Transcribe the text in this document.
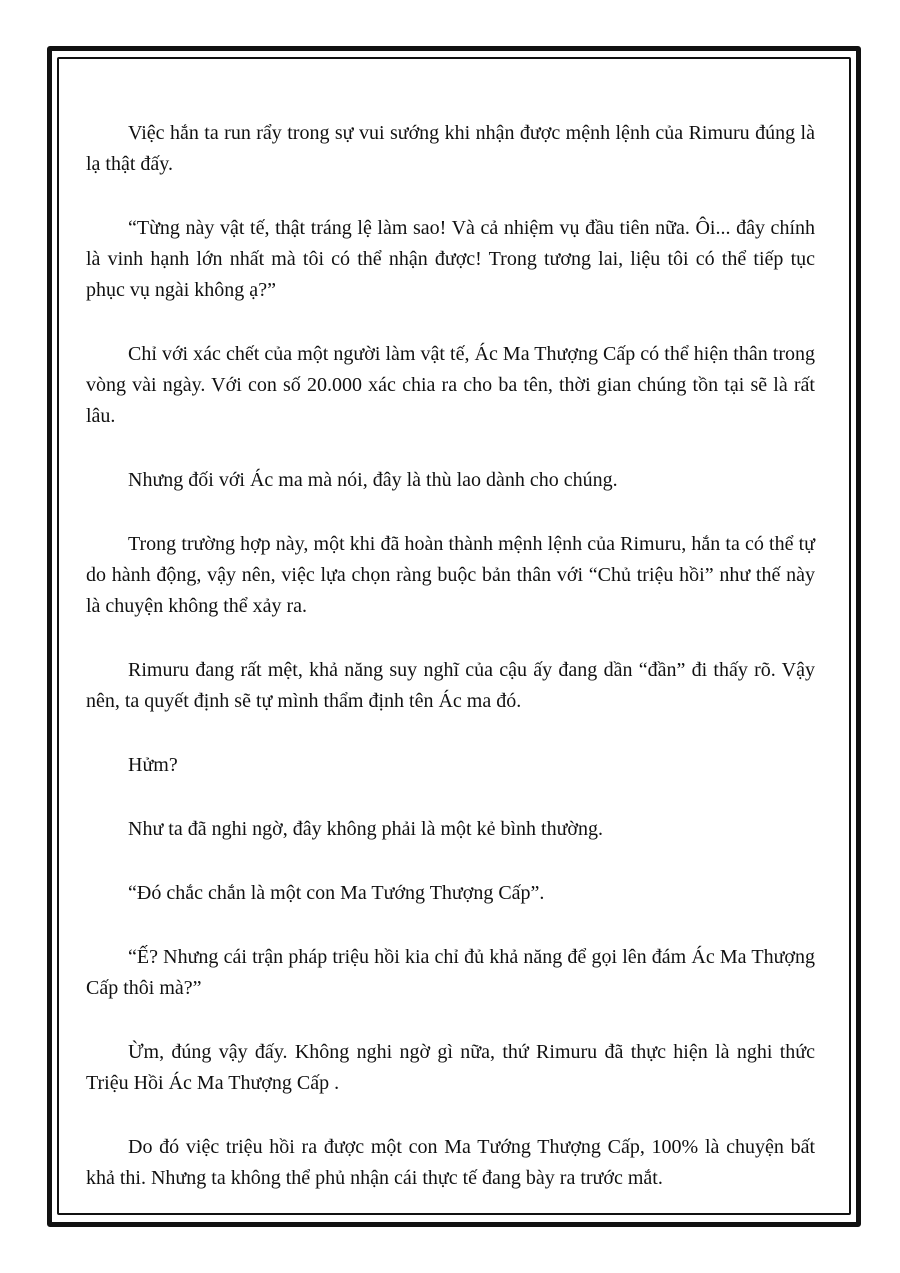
Việc hắn ta run rẩy trong sự vui sướng khi nhận được mệnh lệnh của Rimuru đúng là lạ thật đấy.

“Từng này vật tế, thật tráng lệ làm sao! Và cả nhiệm vụ đầu tiên nữa. Ôi... đây chính là vinh hạnh lớn nhất mà tôi có thể nhận được! Trong tương lai, liệu tôi có thể tiếp tục phục vụ ngài không ạ?”

Chỉ với xác chết của một người làm vật tế, Ác Ma Thượng Cấp có thể hiện thân trong vòng vài ngày. Với con số 20.000 xác chia ra cho ba tên, thời gian chúng tồn tại sẽ là rất lâu.

Nhưng đối với Ác ma mà nói, đây là thù lao dành cho chúng.

Trong trường hợp này, một khi đã hoàn thành mệnh lệnh của Rimuru, hắn ta có thể tự do hành động, vậy nên, việc lựa chọn ràng buộc bản thân với “Chủ triệu hồi” như thế này là chuyện không thể xảy ra.

Rimuru đang rất mệt, khả năng suy nghĩ của cậu ấy đang dần “đần” đi thấy rõ. Vậy nên, ta quyết định sẽ tự mình thẩm định tên Ác ma đó.

Hửm?

Như ta đã nghi ngờ, đây không phải là một kẻ bình thường.

“Đó chắc chắn là một con Ma Tướng Thượng Cấp”.

“Ế? Nhưng cái trận pháp triệu hồi kia chỉ đủ khả năng để gọi lên đám Ác Ma Thượng Cấp thôi mà?”

Ừm, đúng vậy đấy. Không nghi ngờ gì nữa, thứ Rimuru đã thực hiện là nghi thức Triệu Hồi Ác Ma Thượng Cấp .

Do đó việc triệu hồi ra được một con Ma Tướng Thượng Cấp, 100% là chuyện bất khả thi. Nhưng ta không thể phủ nhận cái thực tế đang bày ra trước mắt.
